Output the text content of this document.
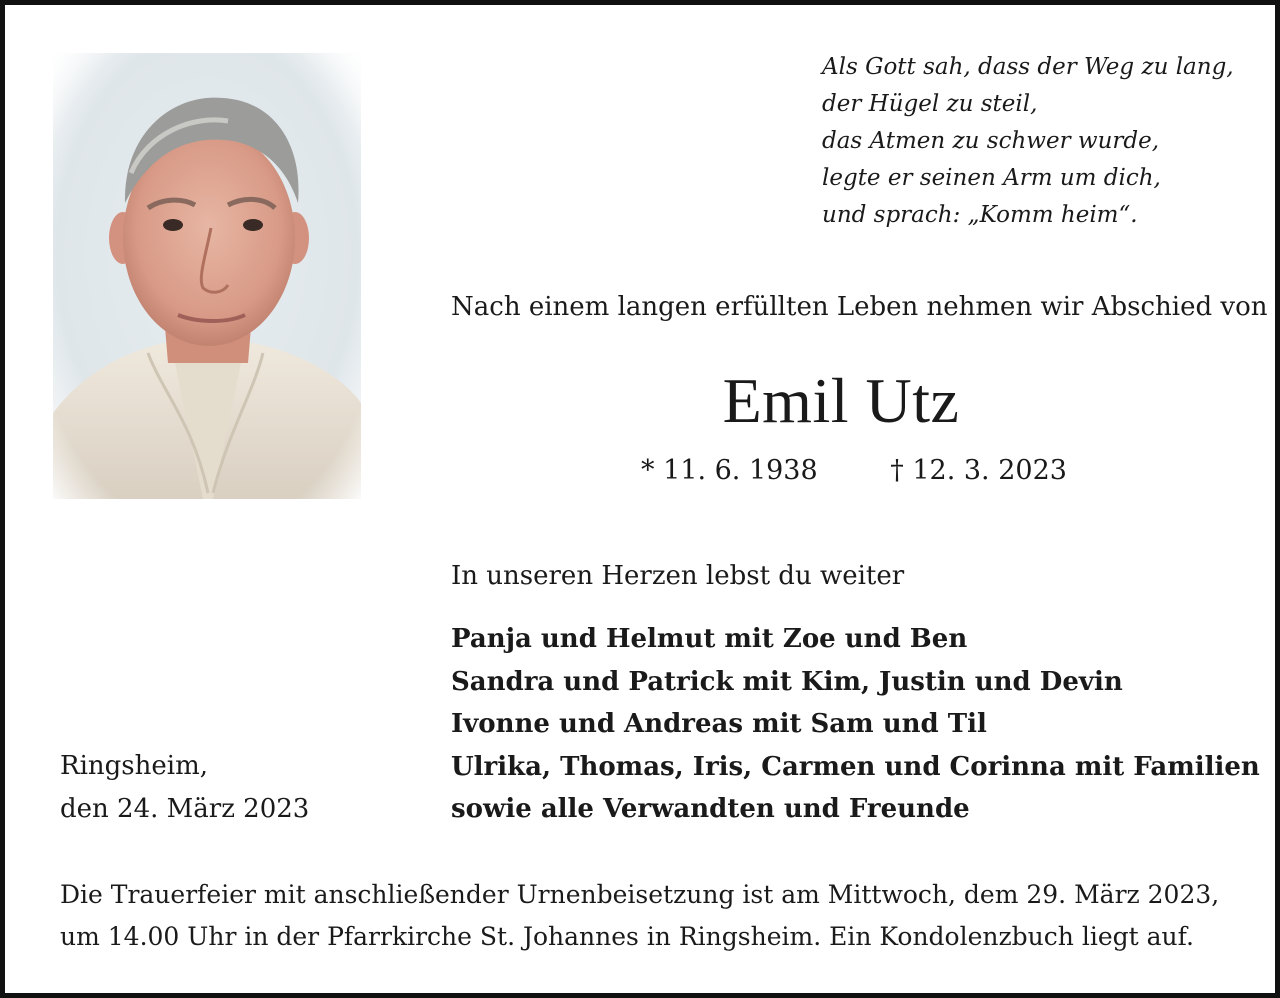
Als Gott sah, dass der Weg zu lang,
der Hügel zu steil,
das Atmen zu schwer wurde,
legte er seinen Arm um dich,
und sprach: „Komm heim“.
Nach einem langen erfüllten Leben nehmen wir Abschied von
Emil Utz
* 11. 6. 1938	† 12. 3. 2023
In unseren Herzen lebst du weiter
Panja und Helmut mit Zoe und Ben
Sandra und Patrick mit Kim, Justin und Devin
Ivonne und Andreas mit Sam und Til
Ulrika, Thomas, Iris, Carmen und Corinna mit Familien
sowie alle Verwandten und Freunde
Ringsheim,
den 24. März 2023
Die Trauerfeier mit anschließender Urnenbeisetzung ist am Mittwoch, dem 29. März 2023,
um 14.00 Uhr in der Pfarrkirche St. Johannes in Ringsheim. Ein Kondolenzbuch liegt auf.
